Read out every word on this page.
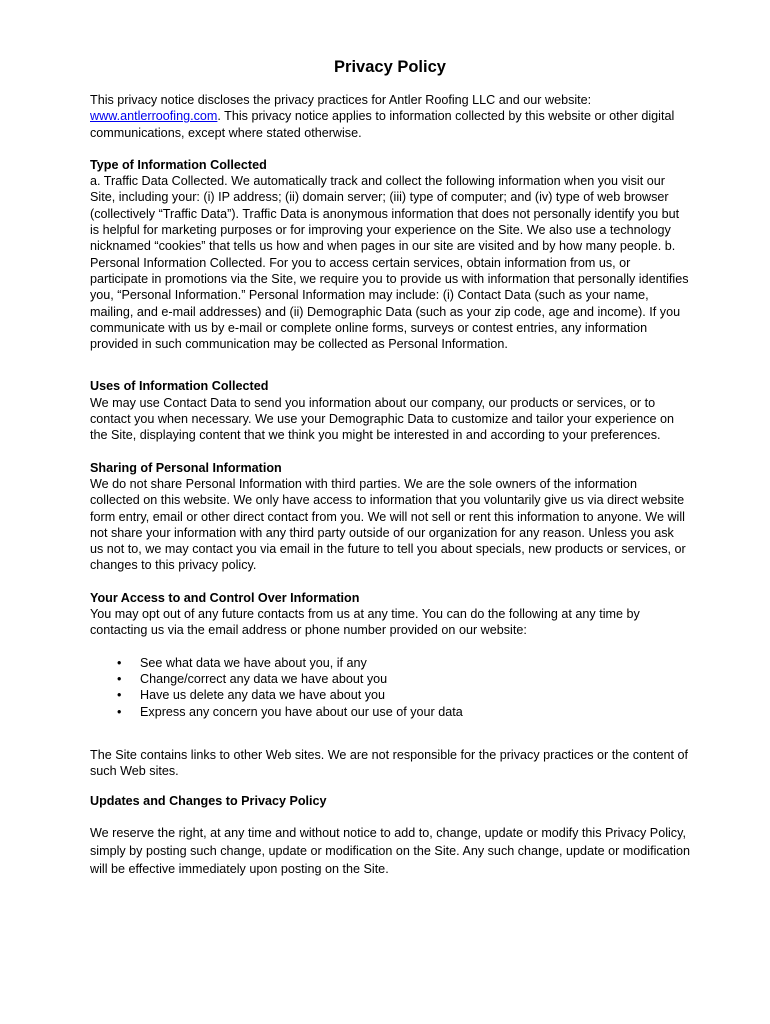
Privacy Policy

This privacy notice discloses the privacy practices for Antler Roofing LLC and our website: www.antlerroofing.com. This privacy notice applies to information collected by this website or other digital communications, except where stated otherwise.

Type of Information Collected

a. Traffic Data Collected. We automatically track and collect the following information when you visit our Site, including your: (i) IP address; (ii) domain server; (iii) type of computer; and (iv) type of web browser (collectively “Traffic Data”). Traffic Data is anonymous information that does not personally identify you but is helpful for marketing purposes or for improving your experience on the Site. We also use a technology nicknamed “cookies” that tells us how and when pages in our site are visited and by how many people. b. Personal Information Collected. For you to access certain services, obtain information from us, or participate in promotions via the Site, we require you to provide us with information that personally identifies you, “Personal Information.” Personal Information may include: (i) Contact Data (such as your name, mailing, and e-mail addresses) and (ii) Demographic Data (such as your zip code, age and income). If you communicate with us by e-mail or complete online forms, surveys or contest entries, any information provided in such communication may be collected as Personal Information.

Uses of Information Collected

We may use Contact Data to send you information about our company, our products or services, or to contact you when necessary. We use your Demographic Data to customize and tailor your experience on the Site, displaying content that we think you might be interested in and according to your preferences.

Sharing of Personal Information

We do not share Personal Information with third parties. We are the sole owners of the information collected on this website. We only have access to information that you voluntarily give us via direct website form entry, email or other direct contact from you. We will not sell or rent this information to anyone. We will not share your information with any third party outside of our organization for any reason. Unless you ask us not to, we may contact you via email in the future to tell you about specials, new products or services, or changes to this privacy policy.

Your Access to and Control Over Information

You may opt out of any future contacts from us at any time. You can do the following at any time by contacting us via the email address or phone number provided on our website:

• See what data we have about you, if any
• Change/correct any data we have about you
• Have us delete any data we have about you
• Express any concern you have about our use of your data

The Site contains links to other Web sites. We are not responsible for the privacy practices or the content of such Web sites.

Updates and Changes to Privacy Policy

We reserve the right, at any time and without notice to add to, change, update or modify this Privacy Policy, simply by posting such change, update or modification on the Site. Any such change, update or modification will be effective immediately upon posting on the Site.
